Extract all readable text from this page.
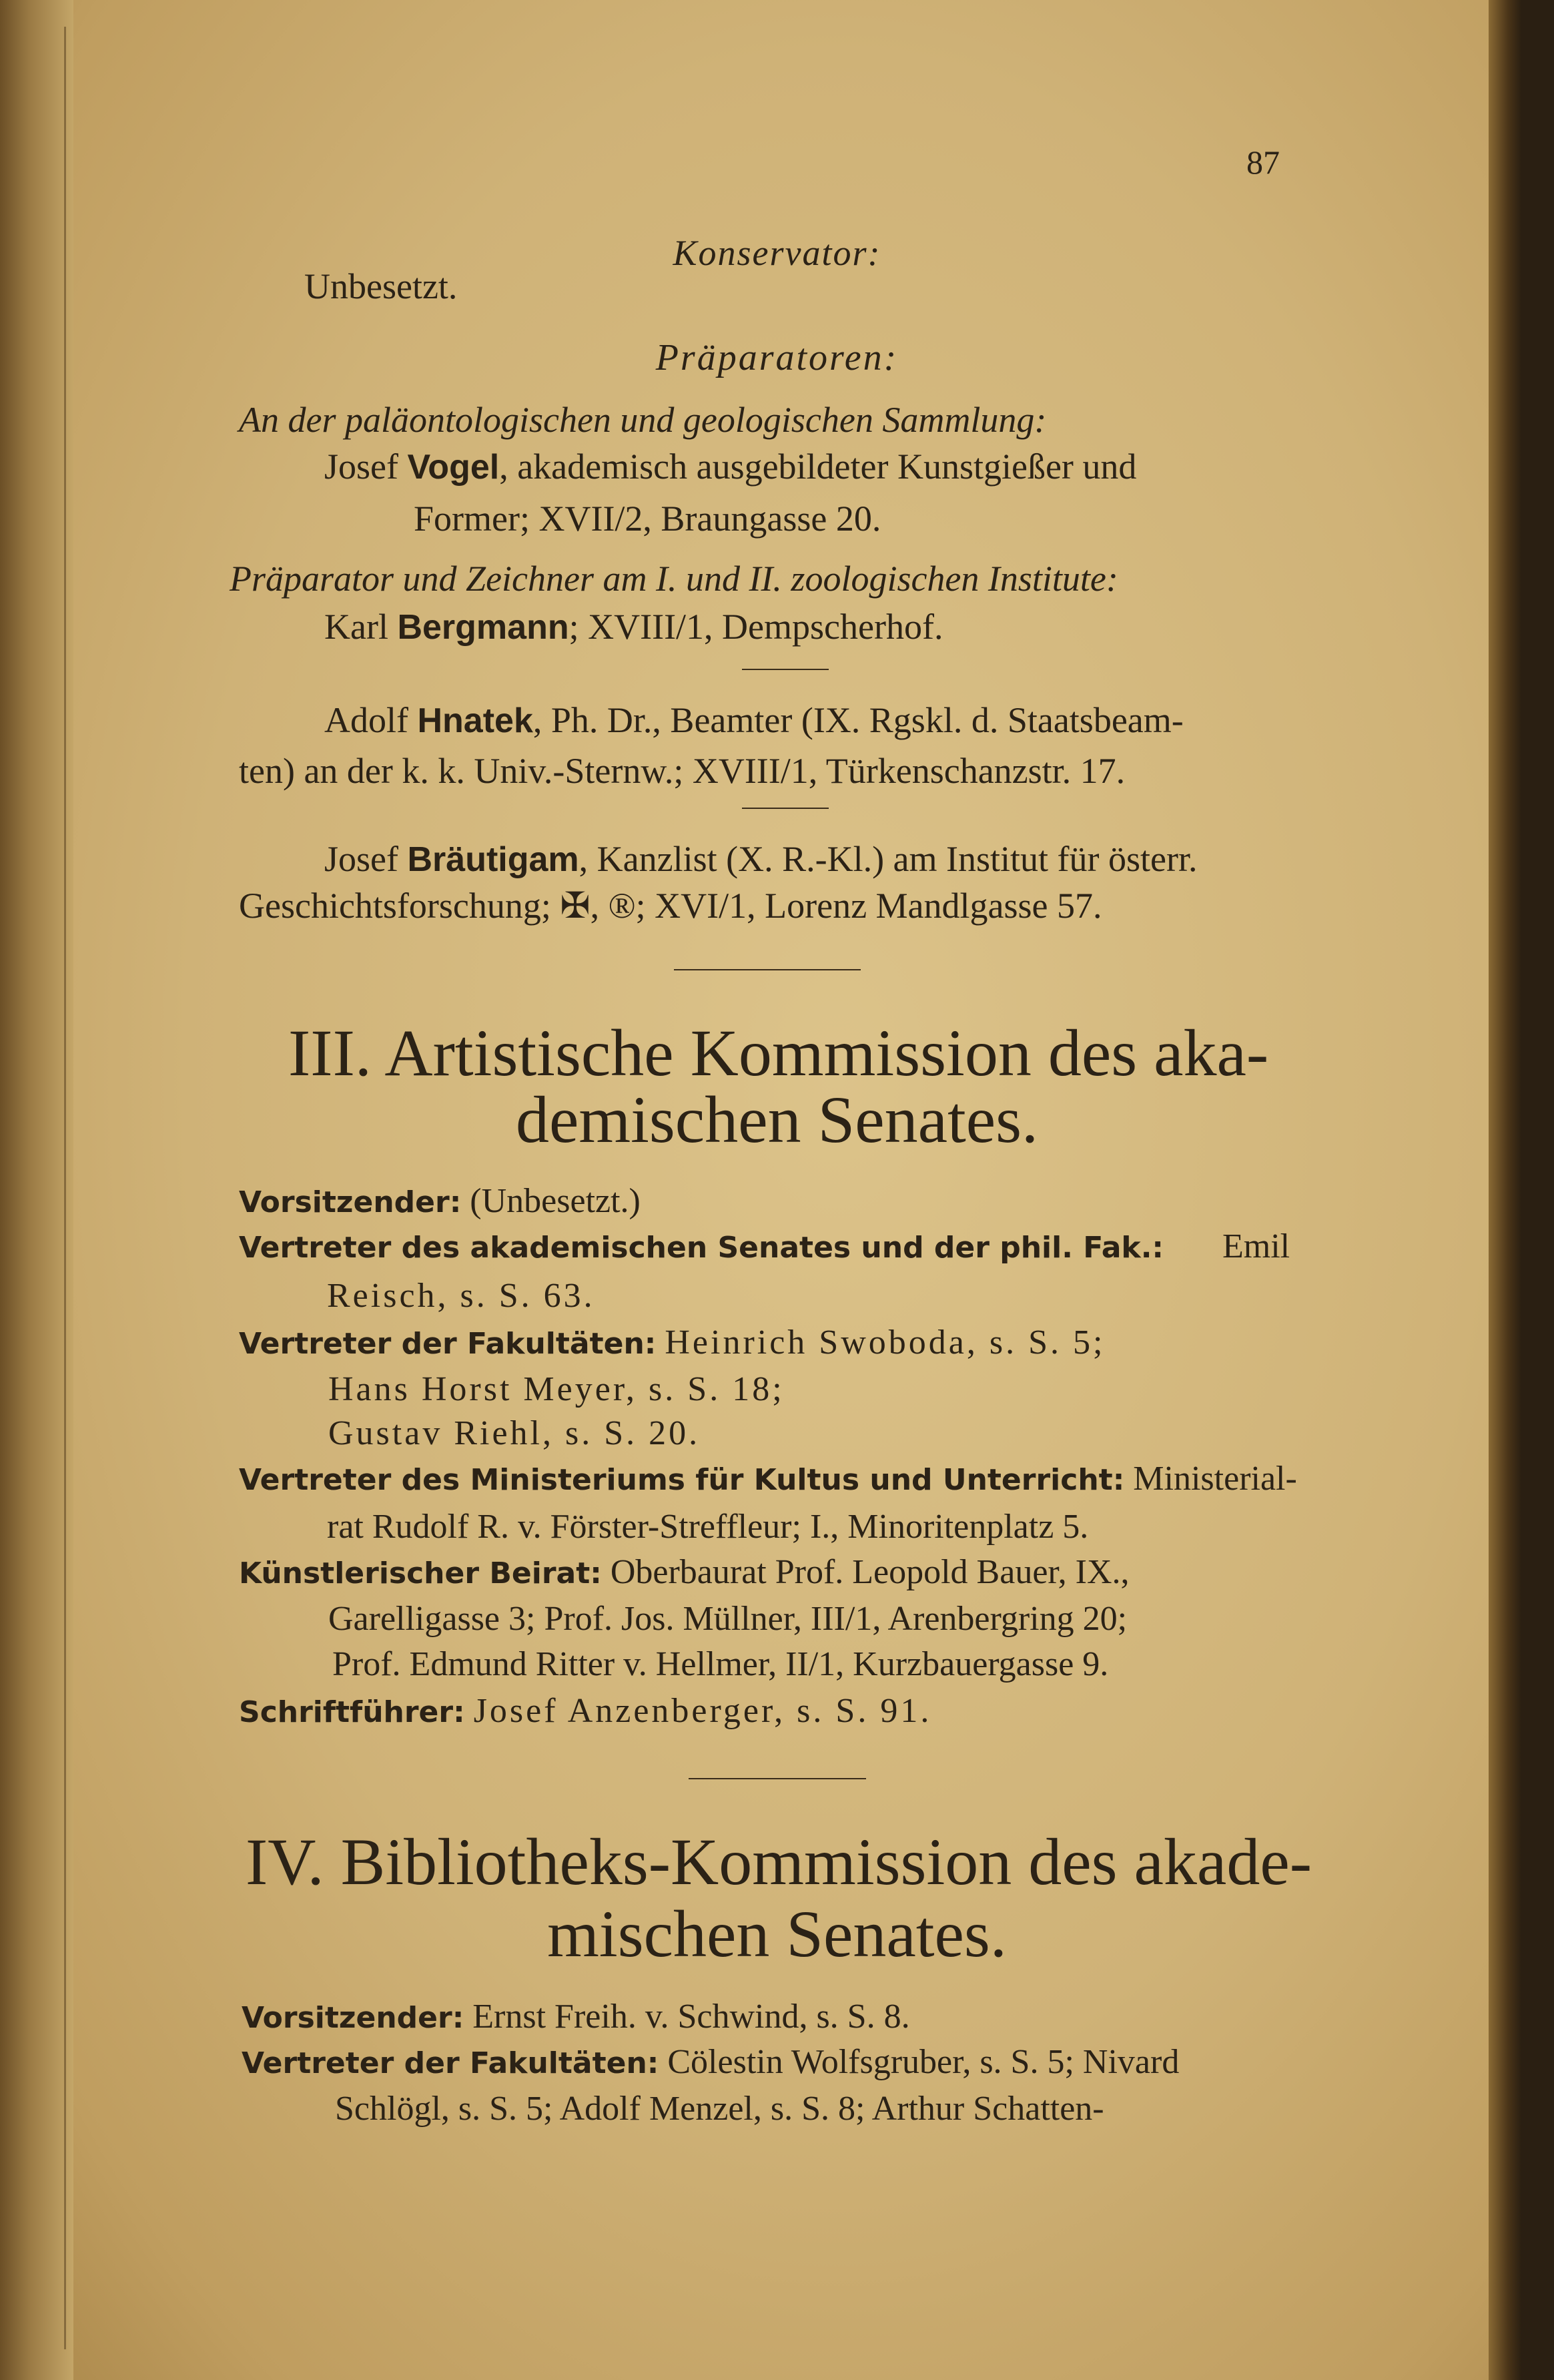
87
Konservator:
Unbesetzt.
Präparatoren:
An der paläontologischen und geologischen Sammlung:
Josef Vogel, akademisch ausgebildeter Kunstgießer und
Former; XVII/2, Braungasse 20.
Präparator und Zeichner am I. und II. zoologischen Institute:
Karl Bergmann; XVIII/1, Dempscherhof.
Adolf Hnatek, Ph. Dr., Beamter (IX. Rgskl. d. Staatsbeam-
ten) an der k. k. Univ.-Sternw.; XVIII/1, Türkenschanzstr. 17.
Josef Bräutigam, Kanzlist (X. R.-Kl.) am Institut für österr.
Geschichtsforschung; ✠, ®; XVI/1, Lorenz Mandlgasse 57.
III. Artistische Kommission des aka-
demischen Senates.
Vorsitzender: (Unbesetzt.)
Vertreter des akademischen Senates und der phil. Fak.: Emil
Reisch, s. S. 63.
Vertreter der Fakultäten: Heinrich Swoboda, s. S. 5;
Hans Horst Meyer, s. S. 18;
Gustav Riehl, s. S. 20.
Vertreter des Ministeriums für Kultus und Unterricht: Ministerial-
rat Rudolf R. v. Förster-Streffleur; I., Minoritenplatz 5.
Künstlerischer Beirat: Oberbaurat Prof. Leopold Bauer, IX.,
Garelligasse 3; Prof. Jos. Müllner, III/1, Arenbergring 20;
Prof. Edmund Ritter v. Hellmer, II/1, Kurzbauergasse 9.
Schriftführer: Josef Anzenberger, s. S. 91.
IV. Bibliotheks-Kommission des akade-
mischen Senates.
Vorsitzender: Ernst Freih. v. Schwind, s. S. 8.
Vertreter der Fakultäten: Cölestin Wolfsgruber, s. S. 5; Nivard
Schlögl, s. S. 5; Adolf Menzel, s. S. 8; Arthur Schatten-
